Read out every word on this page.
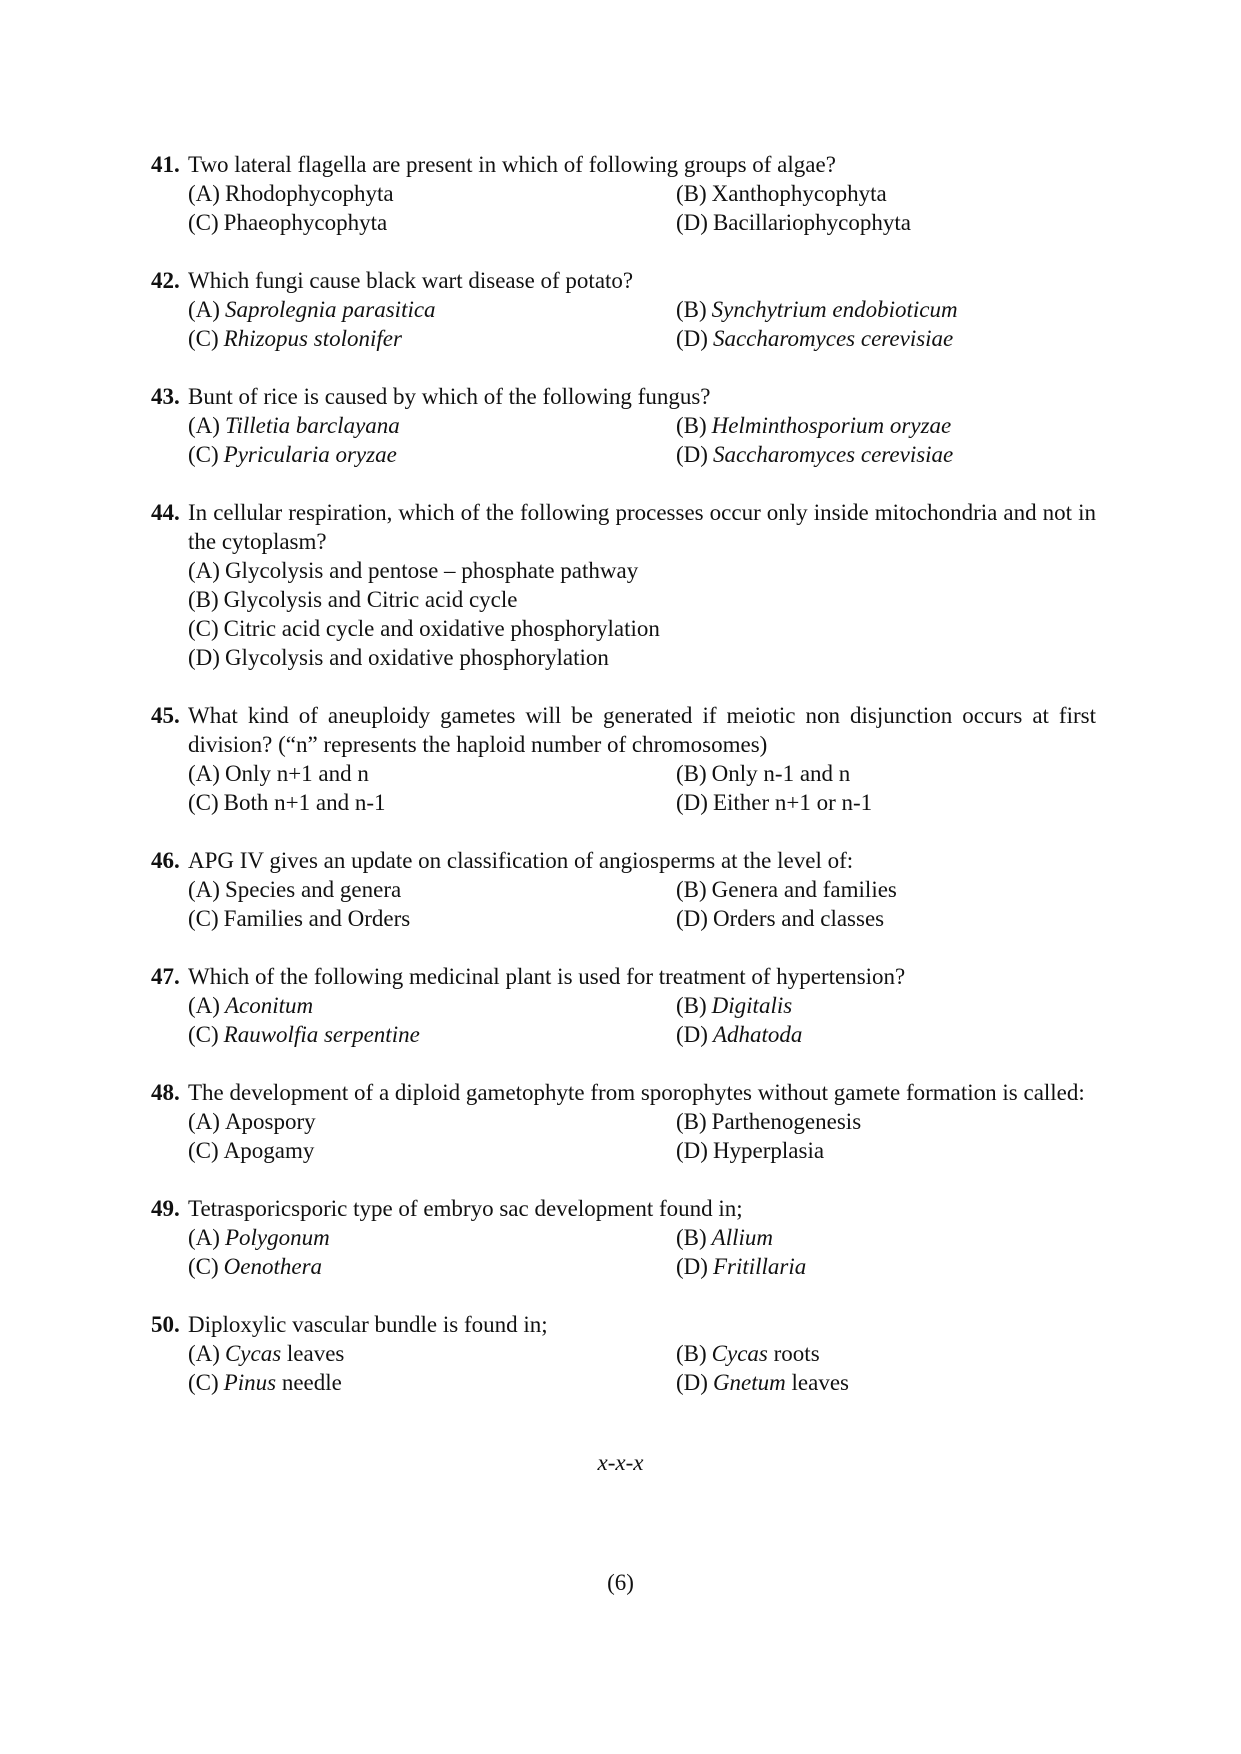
41. Two lateral flagella are present in which of following groups of algae?
(A) Rhodophycophyta	(B) Xanthophycophyta
(C) Phaeophycophyta	(D) Bacillariophycophyta
42. Which fungi cause black wart disease of potato?
(A) Saprolegnia parasitica	(B) Synchytrium endobioticum
(C) Rhizopus stolonifer	(D) Saccharomyces cerevisiae
43. Bunt of rice is caused by which of the following fungus?
(A) Tilletia barclayana	(B) Helminthosporium oryzae
(C) Pyricularia oryzae	(D) Saccharomyces cerevisiae
44. In cellular respiration, which of the following processes occur only inside mitochondria and not in the cytoplasm?
(A) Glycolysis and pentose – phosphate pathway
(B) Glycolysis and Citric acid cycle
(C) Citric acid cycle and oxidative phosphorylation
(D) Glycolysis and oxidative phosphorylation
45. What kind of aneuploidy gametes will be generated if meiotic non disjunction occurs at first division? (“n” represents the haploid number of chromosomes)
(A) Only n+1 and n	(B) Only n-1 and n
(C) Both n+1 and n-1	(D) Either n+1 or n-1
46. APG IV gives an update on classification of angiosperms at the level of:
(A) Species and genera	(B) Genera and families
(C) Families and Orders	(D) Orders and classes
47. Which of the following medicinal plant is used for treatment of hypertension?
(A) Aconitum	(B) Digitalis
(C) Rauwolfia serpentine	(D) Adhatoda
48. The development of a diploid gametophyte from sporophytes without gamete formation is called:
(A) Apospory	(B) Parthenogenesis
(C) Apogamy	(D) Hyperplasia
49. Tetrasporicsporic type of embryo sac development found in;
(A) Polygonum	(B) Allium
(C) Oenothera	(D) Fritillaria
50. Diploxylic vascular bundle is found in;
(A) Cycas leaves	(B) Cycas roots
(C) Pinus needle	(D) Gnetum leaves
x-x-x
(6)
